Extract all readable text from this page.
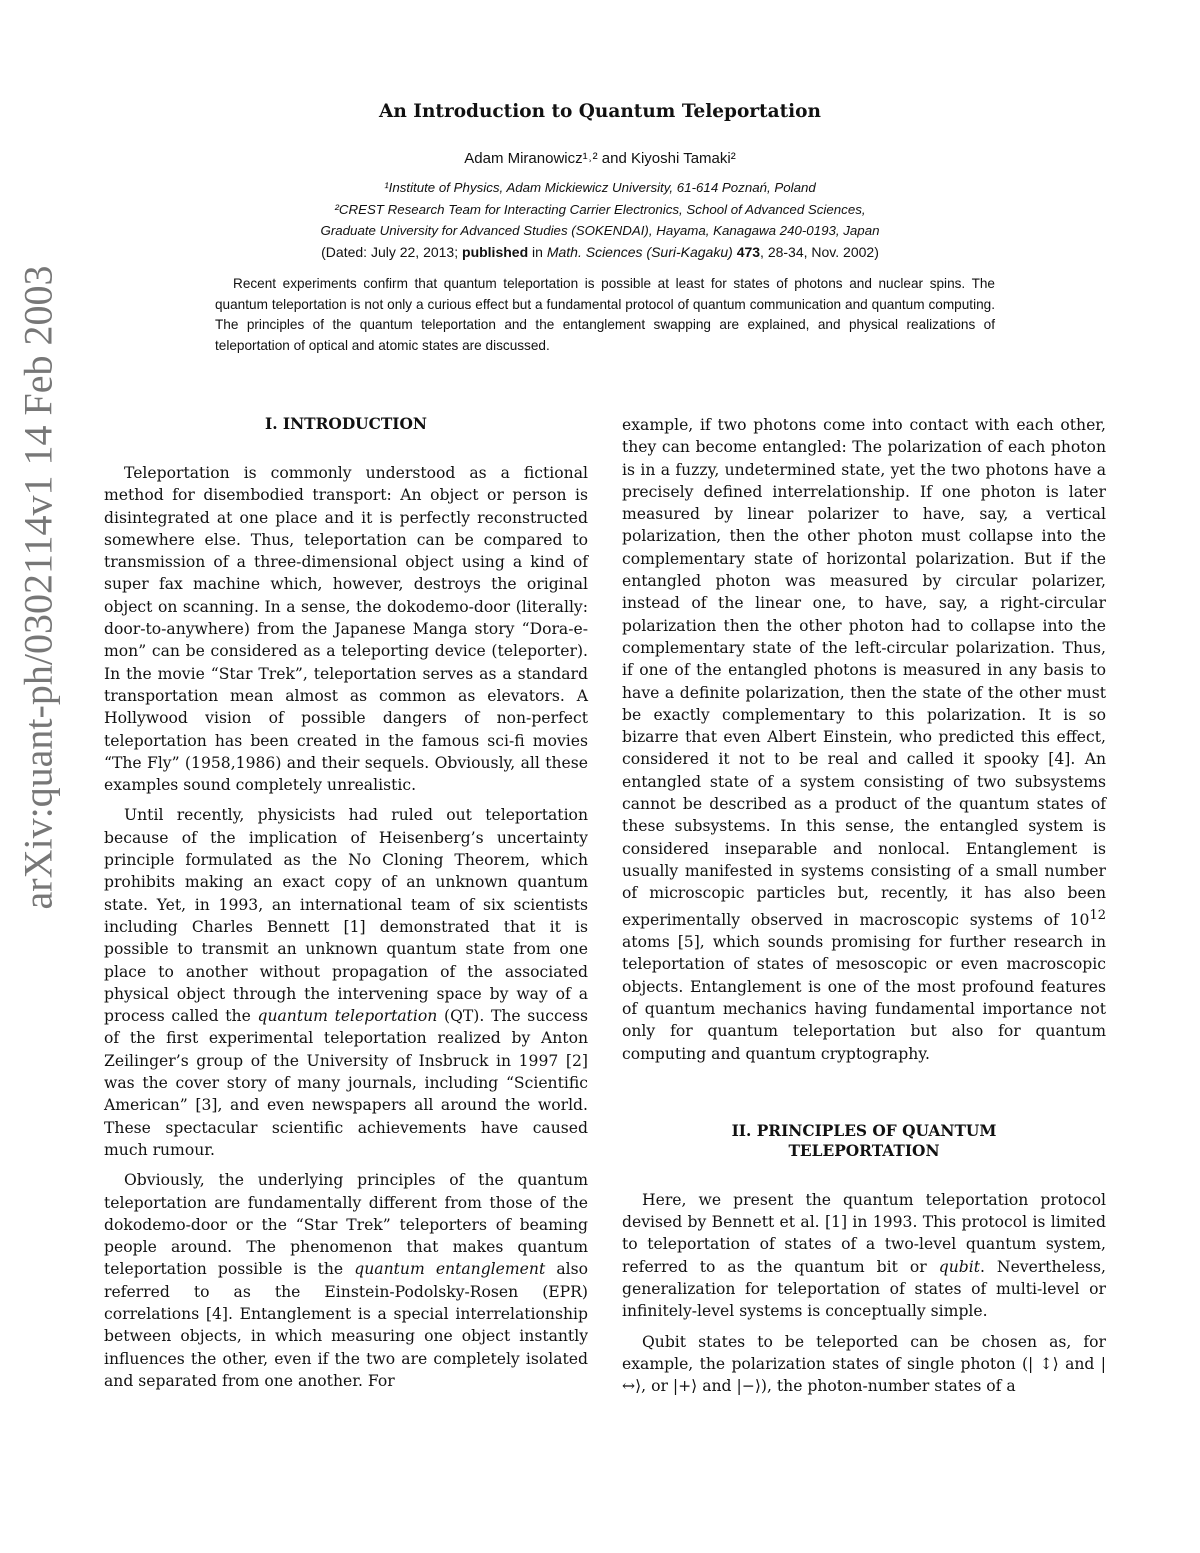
arXiv:quant-ph/0302114v1 14 Feb 2003
An Introduction to Quantum Teleportation
Adam Miranowicz¹˒² and Kiyoshi Tamaki²
¹Institute of Physics, Adam Mickiewicz University, 61-614 Poznań, Poland
²CREST Research Team for Interacting Carrier Electronics, School of Advanced Sciences,
Graduate University for Advanced Studies (SOKENDAI), Hayama, Kanagawa 240-0193, Japan
(Dated: July 22, 2013; published in Math. Sciences (Suri-Kagaku) 473, 28-34, Nov. 2002)
Recent experiments confirm that quantum teleportation is possible at least for states of photons and nuclear spins. The quantum teleportation is not only a curious effect but a fundamental protocol of quantum communication and quantum computing. The principles of the quantum teleportation and the entanglement swapping are explained, and physical realizations of teleportation of optical and atomic states are discussed.
I. INTRODUCTION

Teleportation is commonly understood as a fictional method for disembodied transport: An object or person is disintegrated at one place and it is perfectly reconstructed somewhere else. Thus, teleportation can be compared to transmission of a three-dimensional object using a kind of super fax machine which, however, destroys the original object on scanning. In a sense, the dokodemo-door (literally: door-to-anywhere) from the Japanese Manga story “Dora-e-mon” can be considered as a teleporting device (teleporter). In the movie “Star Trek”, teleportation serves as a standard transportation mean almost as common as elevators. A Hollywood vision of possible dangers of non-perfect teleportation has been created in the famous sci-fi movies “The Fly” (1958,1986) and their sequels. Obviously, all these examples sound completely unrealistic.

Until recently, physicists had ruled out teleportation because of the implication of Heisenberg’s uncertainty principle formulated as the No Cloning Theorem, which prohibits making an exact copy of an unknown quantum state. Yet, in 1993, an international team of six scientists including Charles Bennett [1] demonstrated that it is possible to transmit an unknown quantum state from one place to another without propagation of the associated physical object through the intervening space by way of a process called the quantum teleportation (QT). The success of the first experimental teleportation realized by Anton Zeilinger’s group of the University of Insbruck in 1997 [2] was the cover story of many journals, including “Scientific American” [3], and even newspapers all around the world. These spectacular scientific achievements have caused much rumour.

Obviously, the underlying principles of the quantum teleportation are fundamentally different from those of the dokodemo-door or the “Star Trek” teleporters of beaming people around. The phenomenon that makes quantum teleportation possible is the quantum entanglement also referred to as the Einstein-Podolsky-Rosen (EPR) correlations [4]. Entanglement is a special interrelationship between objects, in which measuring one object instantly influences the other, even if the two are completely isolated and separated from one another. For

example, if two photons come into contact with each other, they can become entangled: The polarization of each photon is in a fuzzy, undetermined state, yet the two photons have a precisely defined interrelationship. If one photon is later measured by linear polarizer to have, say, a vertical polarization, then the other photon must collapse into the complementary state of horizontal polarization. But if the entangled photon was measured by circular polarizer, instead of the linear one, to have, say, a right-circular polarization then the other photon had to collapse into the complementary state of the left-circular polarization. Thus, if one of the entangled photons is measured in any basis to have a definite polarization, then the state of the other must be exactly complementary to this polarization. It is so bizarre that even Albert Einstein, who predicted this effect, considered it not to be real and called it spooky [4]. An entangled state of a system consisting of two subsystems cannot be described as a product of the quantum states of these subsystems. In this sense, the entangled system is considered inseparable and nonlocal. Entanglement is usually manifested in systems consisting of a small number of microscopic particles but, recently, it has also been experimentally observed in macroscopic systems of $10^{12}$ atoms [5], which sounds promising for further research in teleportation of states of mesoscopic or even macroscopic objects. Entanglement is one of the most profound features of quantum mechanics having fundamental importance not only for quantum teleportation but also for quantum computing and quantum cryptography.

II. PRINCIPLES OF QUANTUM
TELEPORTATION

Here, we present the quantum teleportation protocol devised by Bennett et al. [1] in 1993. This protocol is limited to teleportation of states of a two-level quantum system, referred to as the quantum bit or qubit. Nevertheless, generalization for teleportation of states of multi-level or infinitely-level systems is conceptually simple.

Qubit states to be teleported can be chosen as, for example, the polarization states of single photon (| ↕⟩ and | ↔⟩, or |+⟩ and |−⟩), the photon-number states of a
